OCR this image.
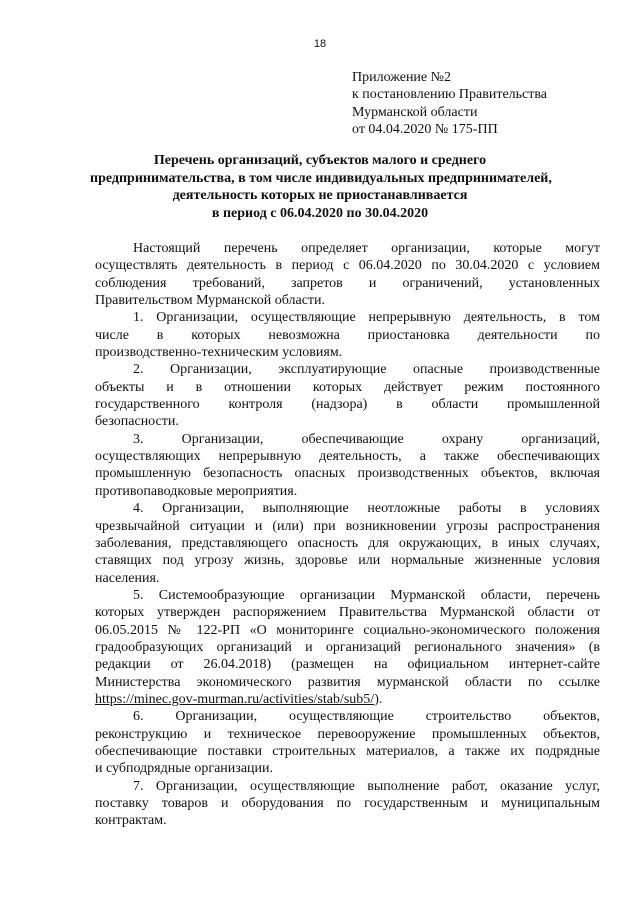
18
Приложение №2
к постановлению Правительства
Мурманской области
от 04.04.2020 № 175-ПП
Перечень организаций, субъектов малого и среднего
предпринимательства, в том числе индивидуальных предпринимателей,
деятельность которых не приостанавливается
в период с 06.04.2020 по 30.04.2020
Настоящий перечень определяет организации, которые могут
осуществлять деятельность в период с 06.04.2020 по 30.04.2020 с условием
соблюдения требований, запретов и ограничений, установленных
Правительством Мурманской области.
1. Организации, осуществляющие непрерывную деятельность, в том
числе в которых невозможна приостановка деятельности по
производственно-техническим условиям.
2. Организации, эксплуатирующие опасные производственные
объекты и в отношении которых действует режим постоянного
государственного контроля (надзора) в области промышленной
безопасности.
3. Организации, обеспечивающие охрану организаций,
осуществляющих непрерывную деятельность, а также обеспечивающих
промышленную безопасность опасных производственных объектов, включая
противопаводковые мероприятия.
4. Организации, выполняющие неотложные работы в условиях
чрезвычайной ситуации и (или) при возникновении угрозы распространения
заболевания, представляющего опасность для окружающих, в иных случаях,
ставящих под угрозу жизнь, здоровье или нормальные жизненные условия
населения.
5. Системообразующие организации Мурманской области, перечень
которых утвержден распоряжением Правительства Мурманской области от
06.05.2015 № 122-РП «О мониторинге социально-экономического положения
градообразующих организаций и организаций регионального значения» (в
редакции от 26.04.2018) (размещен на официальном интернет-сайте
Министерства экономического развития мурманской области по ссылке
https://minec.gov-murman.ru/activities/stab/sub5/).
6. Организации, осуществляющие строительство объектов,
реконструкцию и техническое перевооружение промышленных объектов,
обеспечивающие поставки строительных материалов, а также их подрядные
и субподрядные организации.
7. Организации, осуществляющие выполнение работ, оказание услуг,
поставку товаров и оборудования по государственным и муниципальным
контрактам.
